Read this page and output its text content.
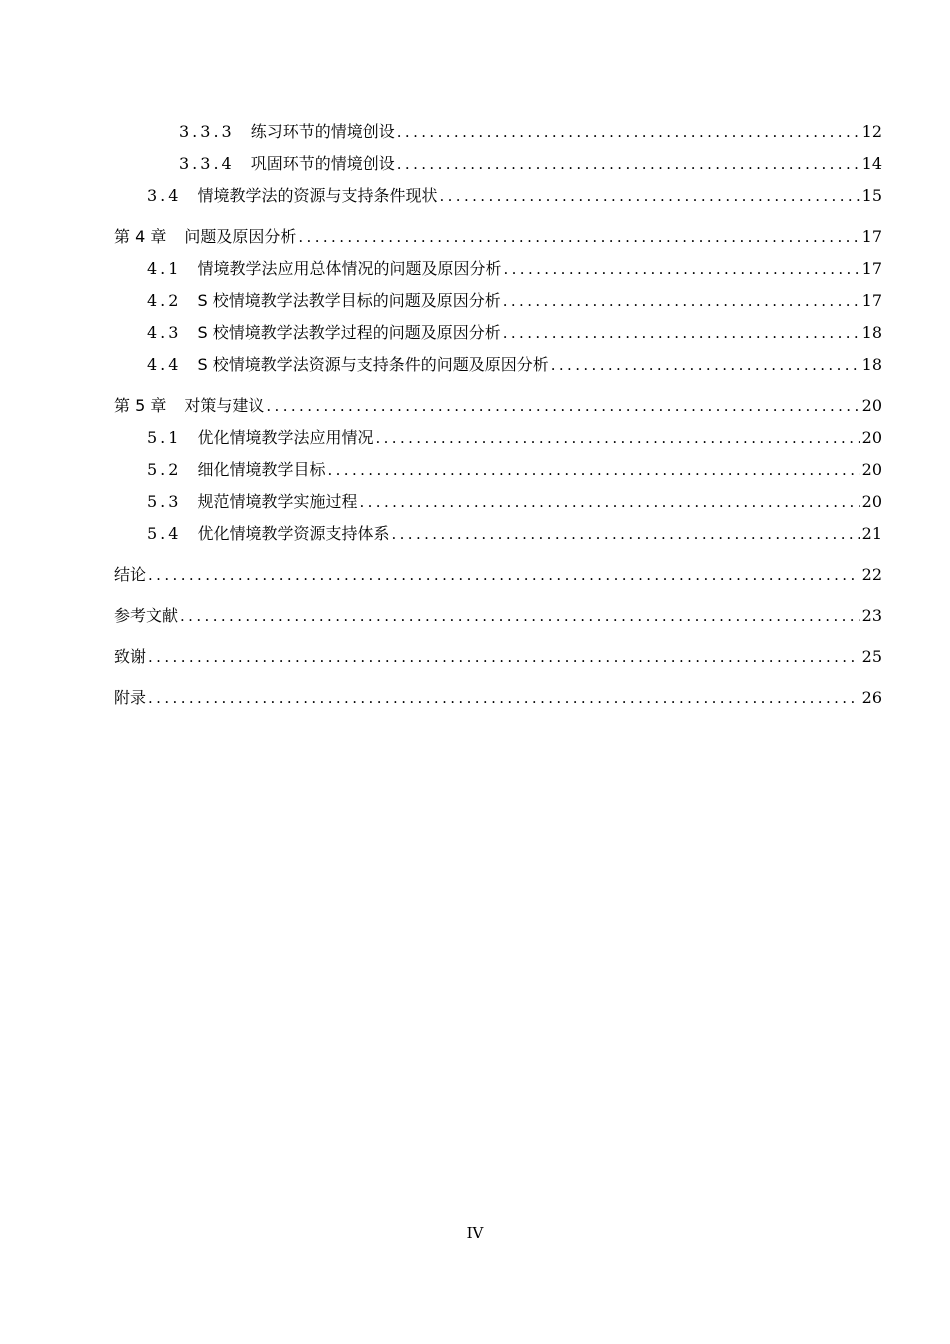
3.3.3 练习环节的情境创设 .....	12
3.3.4 巩固环节的情境创设 .....	14
3.4 情境教学法的资源与支持条件现状 .....	15
第 4 章 问题及原因分析 .....	17
4.1 情境教学法应用总体情况的问题及原因分析 .....	17
4.2 S 校情境教学法教学目标的问题及原因分析 .....	17
4.3 S 校情境教学法教学过程的问题及原因分析 .....	18
4.4 S 校情境教学法资源与支持条件的问题及原因分析 .....	18
第 5 章 对策与建议 .....	20
5.1 优化情境教学法应用情况 .....	20
5.2 细化情境教学目标 .....	20
5.3 规范情境教学实施过程 .....	20
5.4 优化情境教学资源支持体系 .....	21
结论 .....	22
参考文献 .....	23
致谢 .....	25
附录 .....	26
IV
